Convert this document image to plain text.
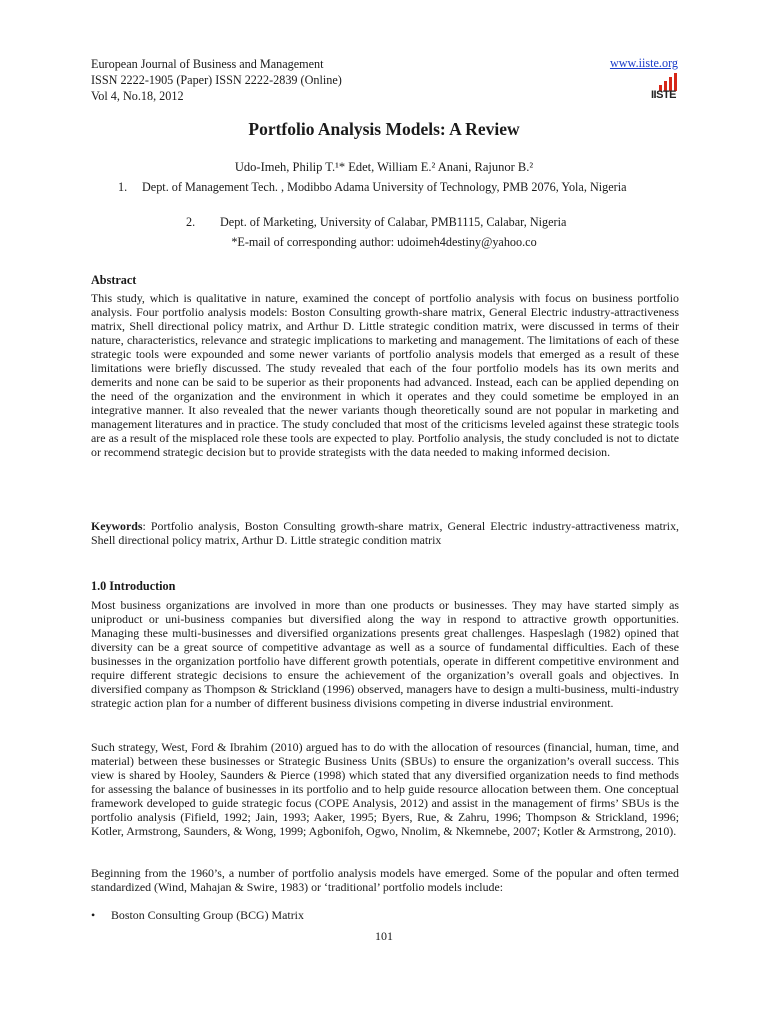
European Journal of Business and Management
ISSN 2222-1905 (Paper) ISSN 2222-2839 (Online)
Vol 4, No.18, 2012
www.iiste.org
IISTE
Portfolio Analysis Models: A Review
Udo-Imeh, Philip T.¹* Edet, William E.² Anani, Rajunor B.²
1. Dept. of Management Tech. , Modibbo Adama University of Technology, PMB 2076, Yola, Nigeria
2. Dept. of Marketing, University of Calabar, PMB1115, Calabar, Nigeria
*E-mail of corresponding author: udoimeh4destiny@yahoo.co
Abstract

This study, which is qualitative in nature, examined the concept of portfolio analysis with focus on business portfolio analysis. Four portfolio analysis models: Boston Consulting growth-share matrix, General Electric industry-attractiveness matrix, Shell directional policy matrix, and Arthur D. Little strategic condition matrix, were discussed in terms of their nature, characteristics, relevance and strategic implications to marketing and management. The limitations of each of these strategic tools were expounded and some newer variants of portfolio analysis models that emerged as a result of these limitations were briefly discussed. The study revealed that each of the four portfolio models has its own merits and demerits and none can be said to be superior as their proponents had advanced. Instead, each can be applied depending on the need of the organization and the environment in which it operates and they could sometime be employed in an integrative manner. It also revealed that the newer variants though theoretically sound are not popular in marketing and management literatures and in practice. The study concluded that most of the criticisms leveled against these strategic tools are as a result of the misplaced role these tools are expected to play. Portfolio analysis, the study concluded is not to dictate or recommend strategic decision but to provide strategists with the data needed to making informed decision.

Keywords: Portfolio analysis, Boston Consulting growth-share matrix, General Electric industry-attractiveness matrix, Shell directional policy matrix, Arthur D. Little strategic condition matrix

1.0 Introduction

Most business organizations are involved in more than one products or businesses. They may have started simply as uniproduct or uni-business companies but diversified along the way in respond to attractive growth opportunities. Managing these multi-businesses and diversified organizations presents great challenges. Haspeslagh (1982) opined that diversity can be a great source of competitive advantage as well as a source of fundamental difficulties. Each of these businesses in the organization portfolio have different growth potentials, operate in different competitive environment and require different strategic decisions to ensure the achievement of the organization’s overall goals and objectives. In diversified company as Thompson & Strickland (1996) observed, managers have to design a multi-business, multi-industry strategic action plan for a number of different business divisions competing in diverse industrial environment.

Such strategy, West, Ford & Ibrahim (2010) argued has to do with the allocation of resources (financial, human, time, and material) between these businesses or Strategic Business Units (SBUs) to ensure the organization’s overall success. This view is shared by Hooley, Saunders & Pierce (1998) which stated that any diversified organization needs to find methods for assessing the balance of businesses in its portfolio and to help guide resource allocation between them. One conceptual framework developed to guide strategic focus (COPE Analysis, 2012) and assist in the management of firms’ SBUs is the portfolio analysis (Fifield, 1992; Jain, 1993; Aaker, 1995; Byers, Rue, & Zahru, 1996; Thompson & Strickland, 1996; Kotler, Armstrong, Saunders, & Wong, 1999; Agbonifoh, Ogwo, Nnolim, & Nkemnebe, 2007; Kotler & Armstrong, 2010).

Beginning from the 1960’s, a number of portfolio analysis models have emerged. Some of the popular and often termed standardized (Wind, Mahajan & Swire, 1983) or ‘traditional’ portfolio models include:

• Boston Consulting Group (BCG) Matrix
101
